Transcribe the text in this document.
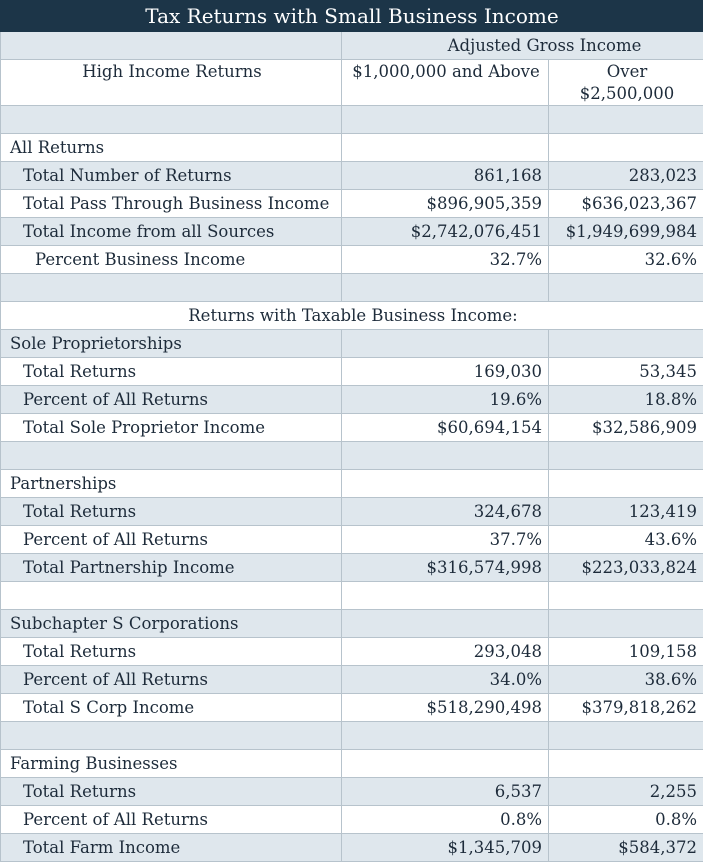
Tax Returns with Small Business Income		
	Adjusted Gross Income	
High Income Returns	$1,000,000 and Above	Over
$2,500,000

All Returns		
Total Number of Returns	861,168	283,023
Total Pass Through Business Income	$896,905,359	$636,023,367
Total Income from all Sources	$2,742,076,451	$1,949,699,984
Percent Business Income	32.7%	32.6%

Returns with Taxable Business Income:		
Sole Proprietorships		
Total Returns	169,030	53,345
Percent of All Returns	19.6%	18.8%
Total Sole Proprietor Income	$60,694,154	$32,586,909

Partnerships		
Total Returns	324,678	123,419
Percent of All Returns	37.7%	43.6%
Total Partnership Income	$316,574,998	$223,033,824

Subchapter S Corporations		
Total Returns	293,048	109,158
Percent of All Returns	34.0%	38.6%
Total S Corp Income	$518,290,498	$379,818,262

Farming Businesses		
Total Returns	6,537	2,255
Percent of All Returns	0.8%	0.8%
Total Farm Income	$1,345,709	$584,372
